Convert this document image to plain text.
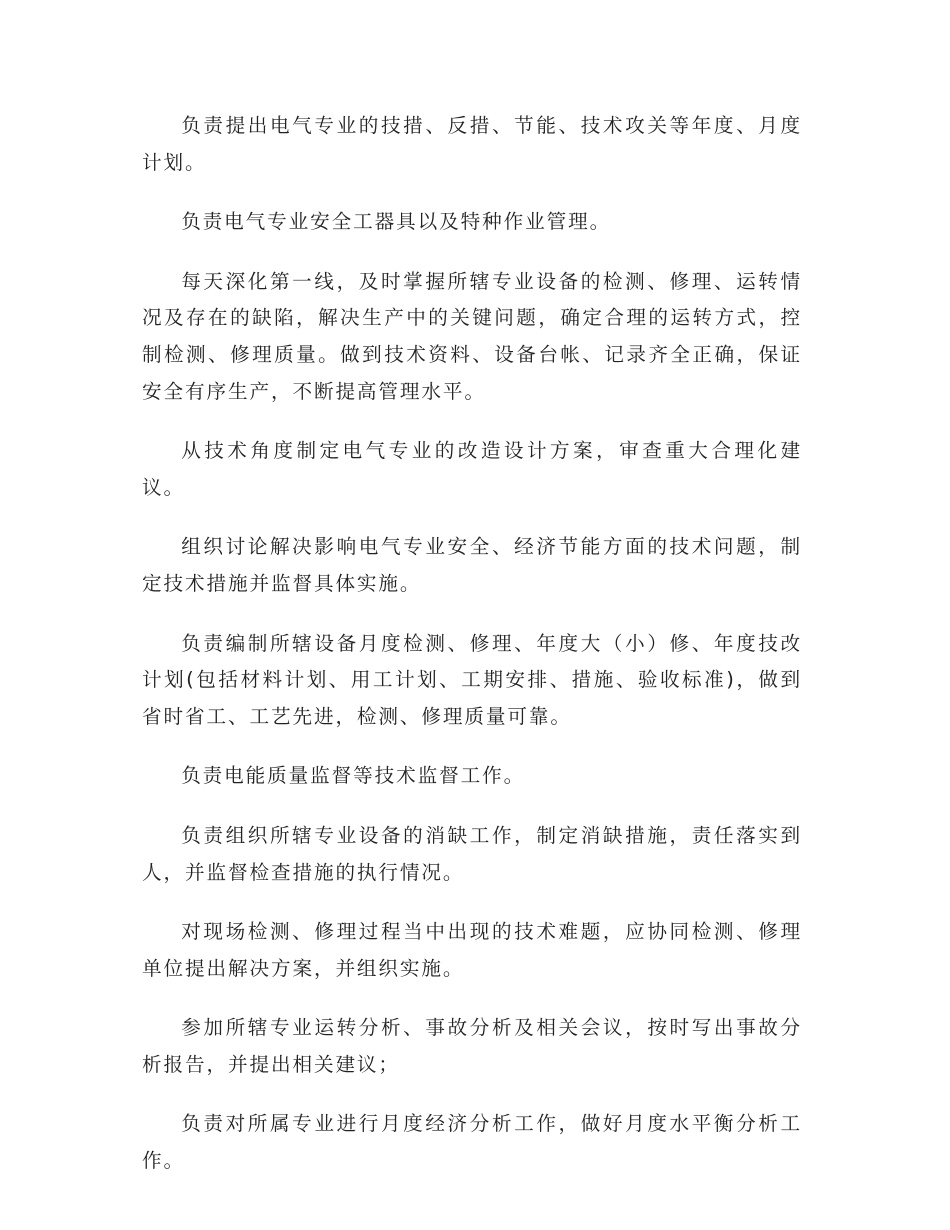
负责提出电气专业的技措、反措、节能、技术攻关等年度、月度计划。

负责电气专业安全工器具以及特种作业管理。

每天深化第一线，及时掌握所辖专业设备的检测、修理、运转情况及存在的缺陷，解决生产中的关键问题，确定合理的运转方式，控制检测、修理质量。做到技术资料、设备台帐、记录齐全正确，保证安全有序生产，不断提高管理水平。

从技术角度制定电气专业的改造设计方案，审查重大合理化建议。

组织讨论解决影响电气专业安全、经济节能方面的技术问题，制定技术措施并监督具体实施。

负责编制所辖设备月度检测、修理、年度大（小）修、年度技改计划(包括材料计划、用工计划、工期安排、措施、验收标准)，做到省时省工、工艺先进，检测、修理质量可靠。

负责电能质量监督等技术监督工作。

负责组织所辖专业设备的消缺工作，制定消缺措施，责任落实到人，并监督检查措施的执行情况。

对现场检测、修理过程当中出现的技术难题，应协同检测、修理单位提出解决方案，并组织实施。

参加所辖专业运转分析、事故分析及相关会议，按时写出事故分析报告，并提出相关建议；

负责对所属专业进行月度经济分析工作，做好月度水平衡分析工作。
